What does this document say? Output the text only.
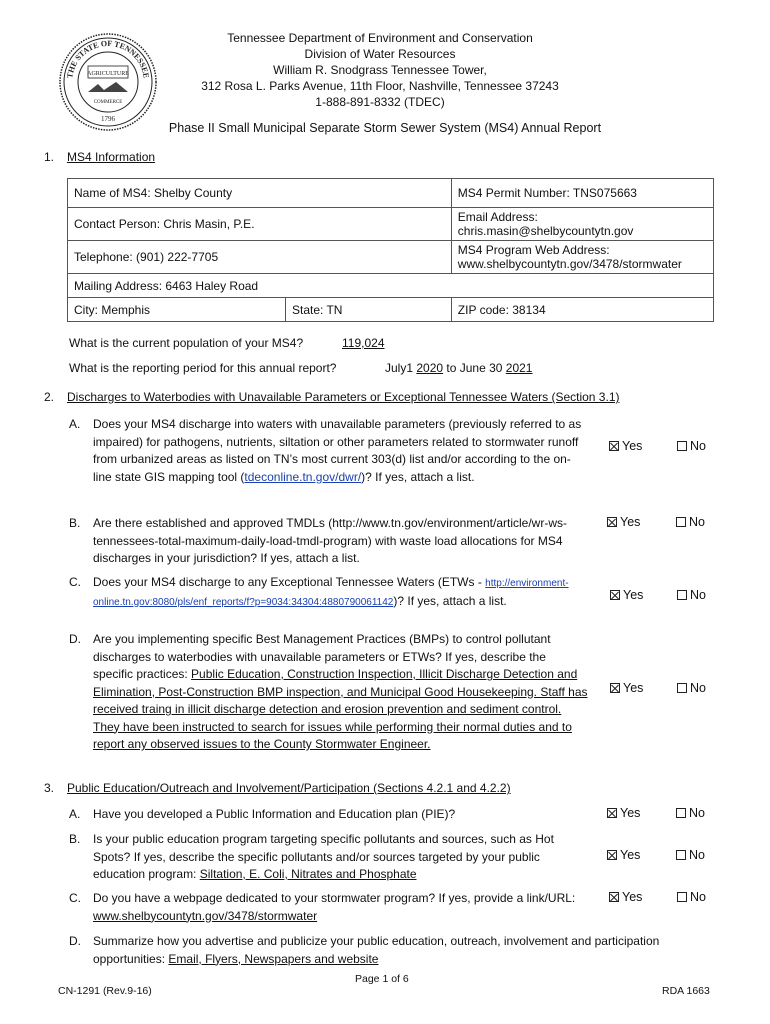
THE STATE OF TENNESSEE
AGRICULTURE
COMMERCE
1796
Tennessee Department of Environment and Conservation
Division of Water Resources
William R. Snodgrass Tennessee Tower,
312 Rosa L. Parks Avenue, 11th Floor, Nashville, Tennessee 37243
1-888-891-8332 (TDEC)
Phase II Small Municipal Separate Storm Sewer System (MS4) Annual Report
1. MS4 Information
Name of MS4: Shelby County		MS4 Permit Number: TNS075663
Contact Person: Chris Masin, P.E.		Email Address: chris.masin@shelbycountytn.gov
Telephone: (901) 222-7705		MS4 Program Web Address:
www.shelbycountytn.gov/3478/stormwater

Mailing Address: 6463 Haley Road		
City: Memphis	State: TN	ZIP code: 38134
What is the current population of your MS4?	119,024
What is the reporting period for this annual report?	July1 2020 to June 30 2021
2. Discharges to Waterbodies with Unavailable Parameters or Exceptional Tennessee Waters (Section 3.1)
A. Does your MS4 discharge into waters with unavailable parameters (previously referred to as impaired) for pathogens, nutrients, siltation or other parameters related to stormwater runoff from urbanized areas as listed on TN’s most current 303(d) list and/or according to the on-line state GIS mapping tool (tdeconline.tn.gov/dwr/)? If yes, attach a list.
Yes	No
B. Are there established and approved TMDLs (http://www.tn.gov/environment/article/wr-ws-tennessees-total-maximum-daily-load-tmdl-program) with waste load allocations for MS4 discharges in your jurisdiction? If yes, attach a list.
Yes	No
C. Does your MS4 discharge to any Exceptional Tennessee Waters (ETWs - http://environment-online.tn.gov:8080/pls/enf_reports/f?p=9034:34304:4880790061142)? If yes, attach a list.	Yes	No
D. Are you implementing specific Best Management Practices (BMPs) to control pollutant discharges to waterbodies with unavailable parameters or ETWs? If yes, describe the specific practices: Public Education, Construction Inspection, Illicit Discharge Detection and Elimination, Post-Construction BMP inspection, and Municipal Good Housekeeping. Staff has received traing in illicit discharge detection and erosion prevention and sediment control. They have been instructed to search for issues while performing their normal duties and to report any observed issues to the County Stormwater Engineer.
Yes	No
3. Public Education/Outreach and Involvement/Participation (Sections 4.2.1 and 4.2.2)
A. Have you developed a Public Information and Education plan (PIE)?	Yes	No
B. Is your public education program targeting specific pollutants and sources, such as Hot Spots? If yes, describe the specific pollutants and/or sources targeted by your public education program: Siltation, E. Coli, Nitrates and Phosphate
Yes	No
C. Do you have a webpage dedicated to your stormwater program? If yes, provide a link/URL: www.shelbycountytn.gov/3478/stormwater
Yes	No
D. Summarize how you advertise and publicize your public education, outreach, involvement and participation opportunities: Email, Flyers, Newspapers and website
Page 1 of 6
CN-1291 (Rev.9-16)	RDA 1663
